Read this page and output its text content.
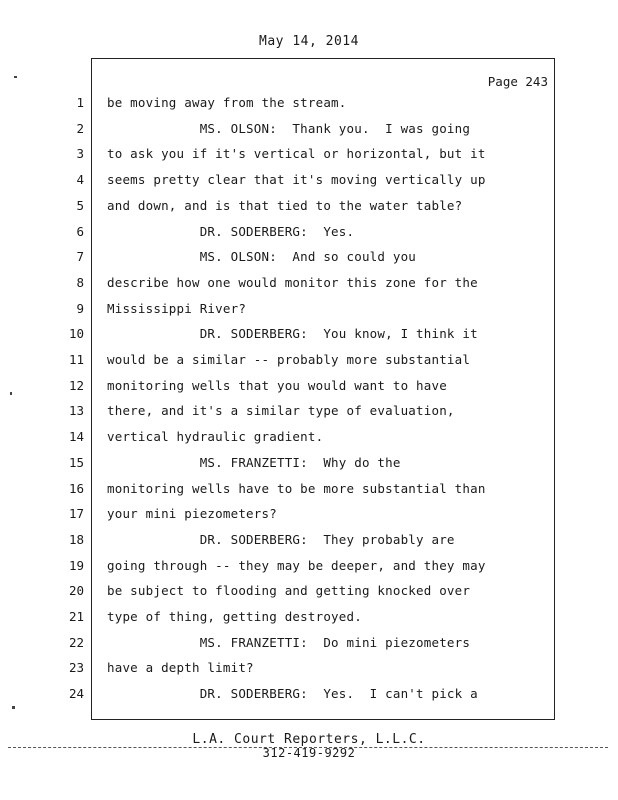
May 14, 2014
Page 243
1 be moving away from the stream.
2 MS. OLSON:  Thank you.  I was going
3 to ask you if it's vertical or horizontal, but it
4 seems pretty clear that it's moving vertically up
5 and down, and is that tied to the water table?
6 DR. SODERBERG:  Yes.
7 MS. OLSON:  And so could you
8 describe how one would monitor this zone for the
9 Mississippi River?
10 DR. SODERBERG:  You know, I think it
11 would be a similar -- probably more substantial
12 monitoring wells that you would want to have
13 there, and it's a similar type of evaluation,
14 vertical hydraulic gradient.
15 MS. FRANZETTI:  Why do the
16 monitoring wells have to be more substantial than
17 your mini piezometers?
18 DR. SODERBERG:  They probably are
19 going through -- they may be deeper, and they may
20 be subject to flooding and getting knocked over
21 type of thing, getting destroyed.
22 MS. FRANZETTI:  Do mini piezometers
23 have a depth limit?
24 DR. SODERBERG:  Yes.  I can't pick a
L.A. Court Reporters, L.L.C.
312-419-9292
